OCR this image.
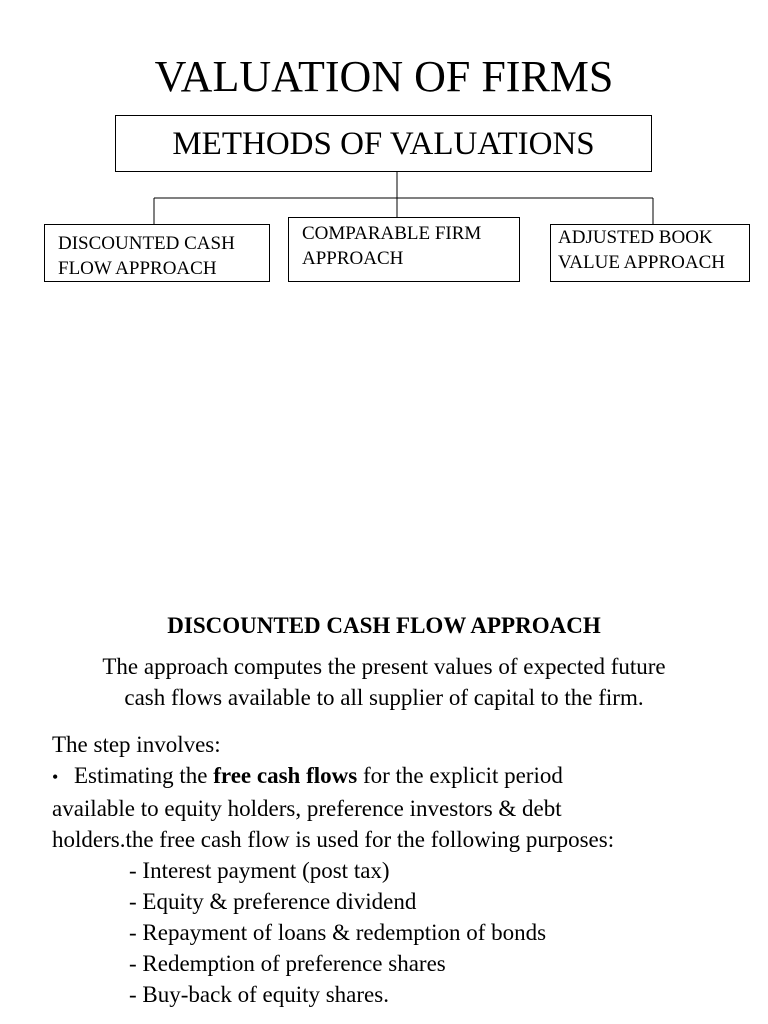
VALUATION OF FIRMS
METHODS OF VALUATIONS
DISCOUNTED CASH
FLOW APPROACH
COMPARABLE FIRM
APPROACH
ADJUSTED BOOK
VALUE APPROACH
DISCOUNTED CASH FLOW APPROACH
The approach computes the present values of expected future
cash flows available to all supplier of capital to the firm.
The step involves:
• Estimating the free cash flows for the explicit period
available to equity holders, preference investors & debt
holders.the free cash flow is used for the following purposes:
- Interest payment (post tax)
- Equity & preference dividend
- Repayment of loans & redemption of bonds
- Redemption of preference shares
- Buy-back of equity shares.
